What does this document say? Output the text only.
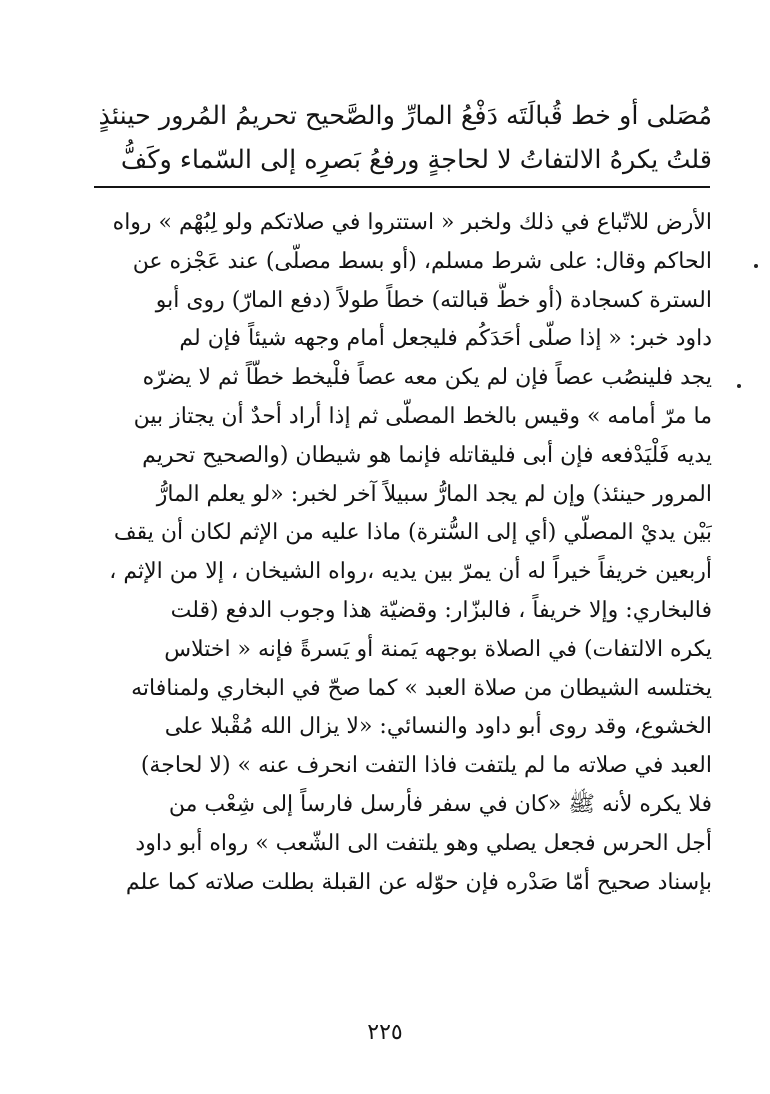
مُصَلى أو خط قُبالَتَه دَفْعُ المارِّ والصَّحيح تحريمُ المُرور حينئذٍ
قلتُ يكرهُ الالتفاتُ لا لحاجةٍ ورفعُ بَصرِه إلى السّماء وكَفُّ
الأرض للاتّباع في ذلك ولخبر « استتروا في صلاتكم ولو لِبُهْم » رواه
الحاكم وقال: على شرط مسلم، (أو بسط مصلّى) عند عَجْزه عن
السترة كسجادة (أو خطَّ قبالته) خطاً طولاً (دفع المارّ) روى أبو
داود خبر: « إذا صلّى أحَدَكُم فليجعل أمام وجهه شيئاً فإن لم
يجد فلينصُب عصاً فإن لم يكن معه عصاً فلْيخط خطّاً ثم لا يضرّه
ما مرّ أمامه » وقيس بالخط المصلّى ثم إذا أراد أحدٌ أن يجتاز بين
يديه فَلْيَدْفعه فإن أبى فليقاتله فإنما هو شيطان (والصحيح تحريم
المرور حينئذ) وإن لم يجد المارُّ سبيلاً آخر لخبر: «لو يعلم المارُّ
بَيْن يديْ المصلّي (أي إلى السُّترة) ماذا عليه من الإثم لكان أن يقف
أربعين خريفاً خيراً له أن يمرّ بين يديه ،رواه الشيخان ، إلا من الإثم ،
فالبخاري: وإلا خريفاً ، فالبزّار: وقضيّة هذا وجوب الدفع (قلت
يكره الالتفات) في الصلاة بوجهه يَمنة أو يَسرةً فإنه « اختلاس
يختلسه الشيطان من صلاة العبد » كما صحّ في البخاري ولمنافاته
الخشوع، وقد روى أبو داود والنسائي: «لا يزال الله مُقْبلا على
العبد في صلاته ما لم يلتفت فاذا التفت انحرف عنه » (لا لحاجة)
فلا يكره لأنه ﷺ «كان في سفر فأرسل فارساً إلى شِعْب من
أجل الحرس فجعل يصلي وهو يلتفت الى الشّعب » رواه أبو داود
بإسناد صحيح أمّا صَدْره فإن حوّله عن القبلة بطلت صلاته كما علم
٢٢٥
